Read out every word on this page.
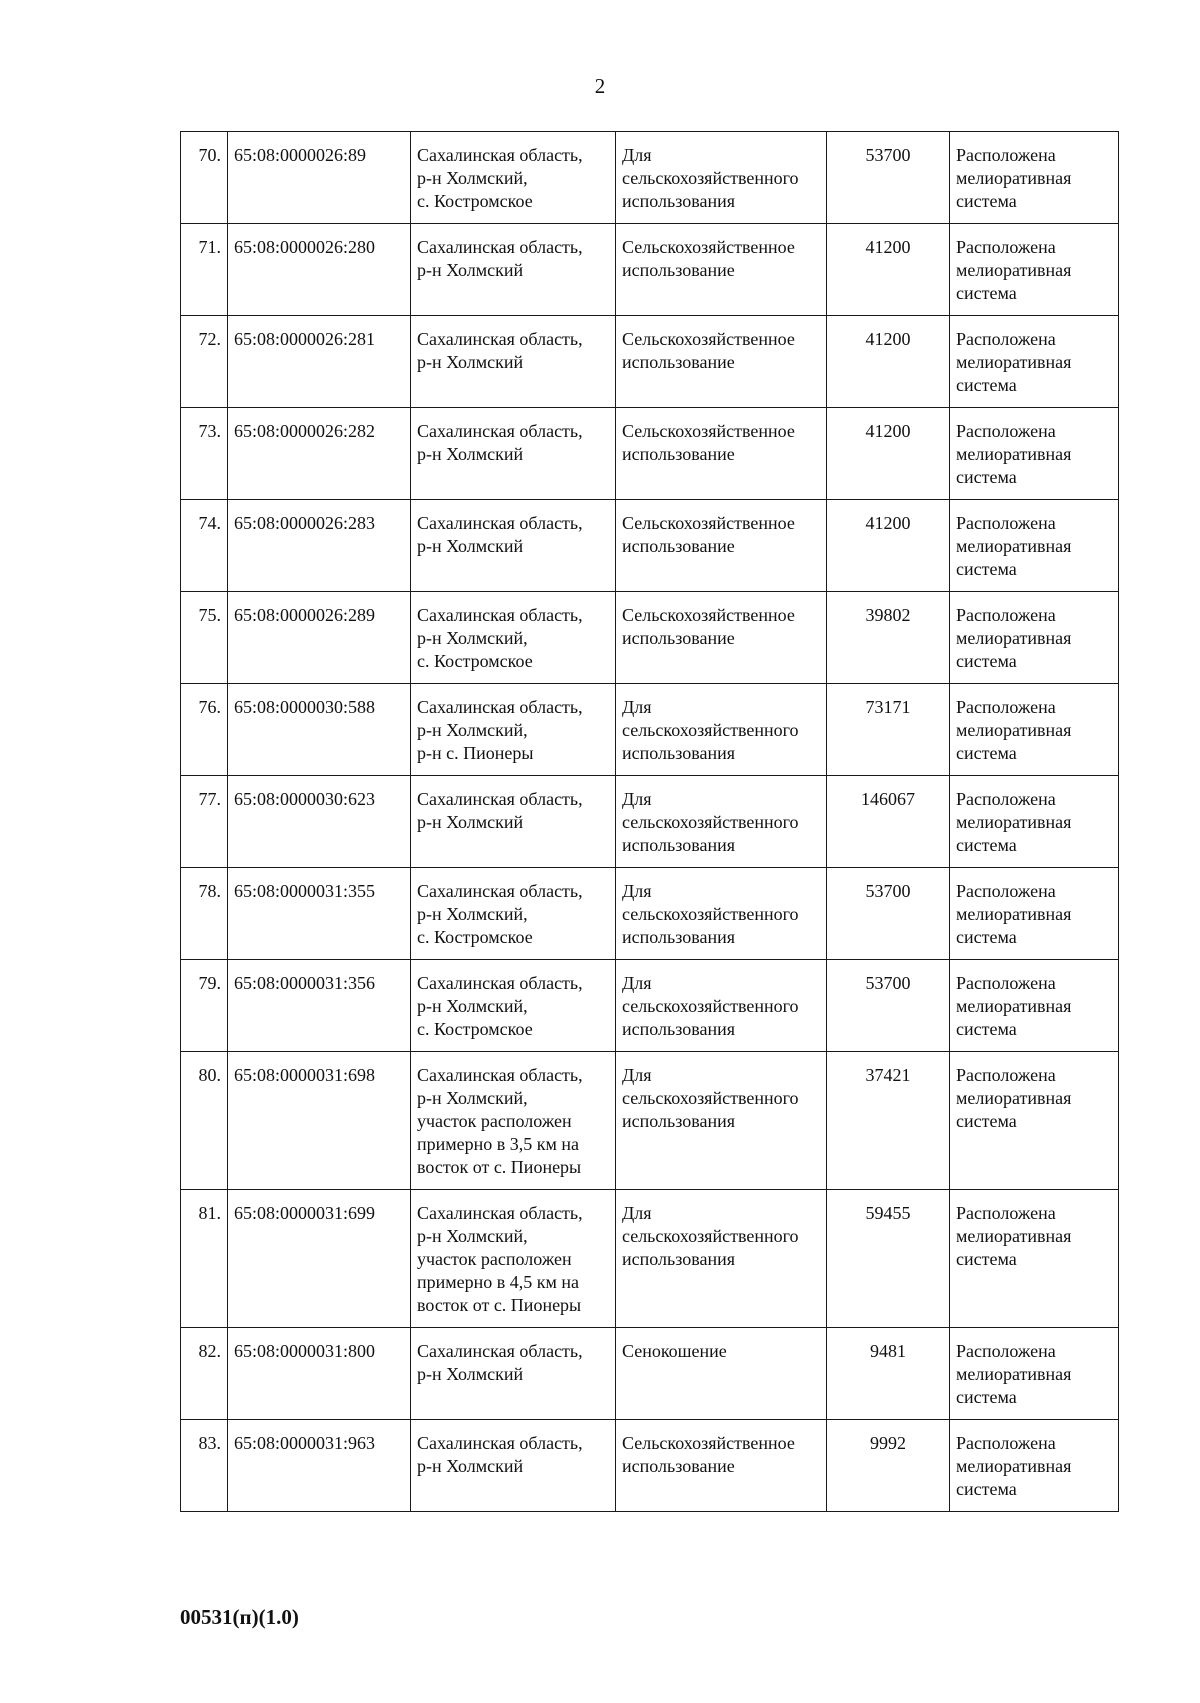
2
70.	65:08:0000026:89	Сахалинская область,
р-н Холмский,
с. Костромское	Для
сельскохозяйственного
использования	53700	Расположена
мелиоративная
система
71.	65:08:0000026:280	Сахалинская область,
р-н Холмский	Сельскохозяйственное
использование	41200	Расположена
мелиоративная
система
72.	65:08:0000026:281	Сахалинская область,
р-н Холмский	Сельскохозяйственное
использование	41200	Расположена
мелиоративная
система
73.	65:08:0000026:282	Сахалинская область,
р-н Холмский	Сельскохозяйственное
использование	41200	Расположена
мелиоративная
система
74.	65:08:0000026:283	Сахалинская область,
р-н Холмский	Сельскохозяйственное
использование	41200	Расположена
мелиоративная
система
75.	65:08:0000026:289	Сахалинская область,
р-н Холмский,
с. Костромское	Сельскохозяйственное
использование	39802	Расположена
мелиоративная
система
76.	65:08:0000030:588	Сахалинская область,
р-н Холмский,
р-н с. Пионеры	Для
сельскохозяйственного
использования	73171	Расположена
мелиоративная
система
77.	65:08:0000030:623	Сахалинская область,
р-н Холмский	Для
сельскохозяйственного
использования	146067	Расположена
мелиоративная
система
78.	65:08:0000031:355	Сахалинская область,
р-н Холмский,
с. Костромское	Для
сельскохозяйственного
использования	53700	Расположена
мелиоративная
система
79.	65:08:0000031:356	Сахалинская область,
р-н Холмский,
с. Костромское	Для
сельскохозяйственного
использования	53700	Расположена
мелиоративная
система
80.	65:08:0000031:698	Сахалинская область,
р-н Холмский,
участок расположен
примерно в 3,5 км на
восток от с. Пионеры	Для
сельскохозяйственного
использования	37421	Расположена
мелиоративная
система
81.	65:08:0000031:699	Сахалинская область,
р-н Холмский,
участок расположен
примерно в 4,5 км на
восток от с. Пионеры	Для
сельскохозяйственного
использования	59455	Расположена
мелиоративная
система
82.	65:08:0000031:800	Сахалинская область,
р-н Холмский	Сенокошение	9481	Расположена
мелиоративная
система
83.	65:08:0000031:963	Сахалинская область,
р-н Холмский	Сельскохозяйственное
использование	9992	Расположена
мелиоративная
система
00531(п)(1.0)
